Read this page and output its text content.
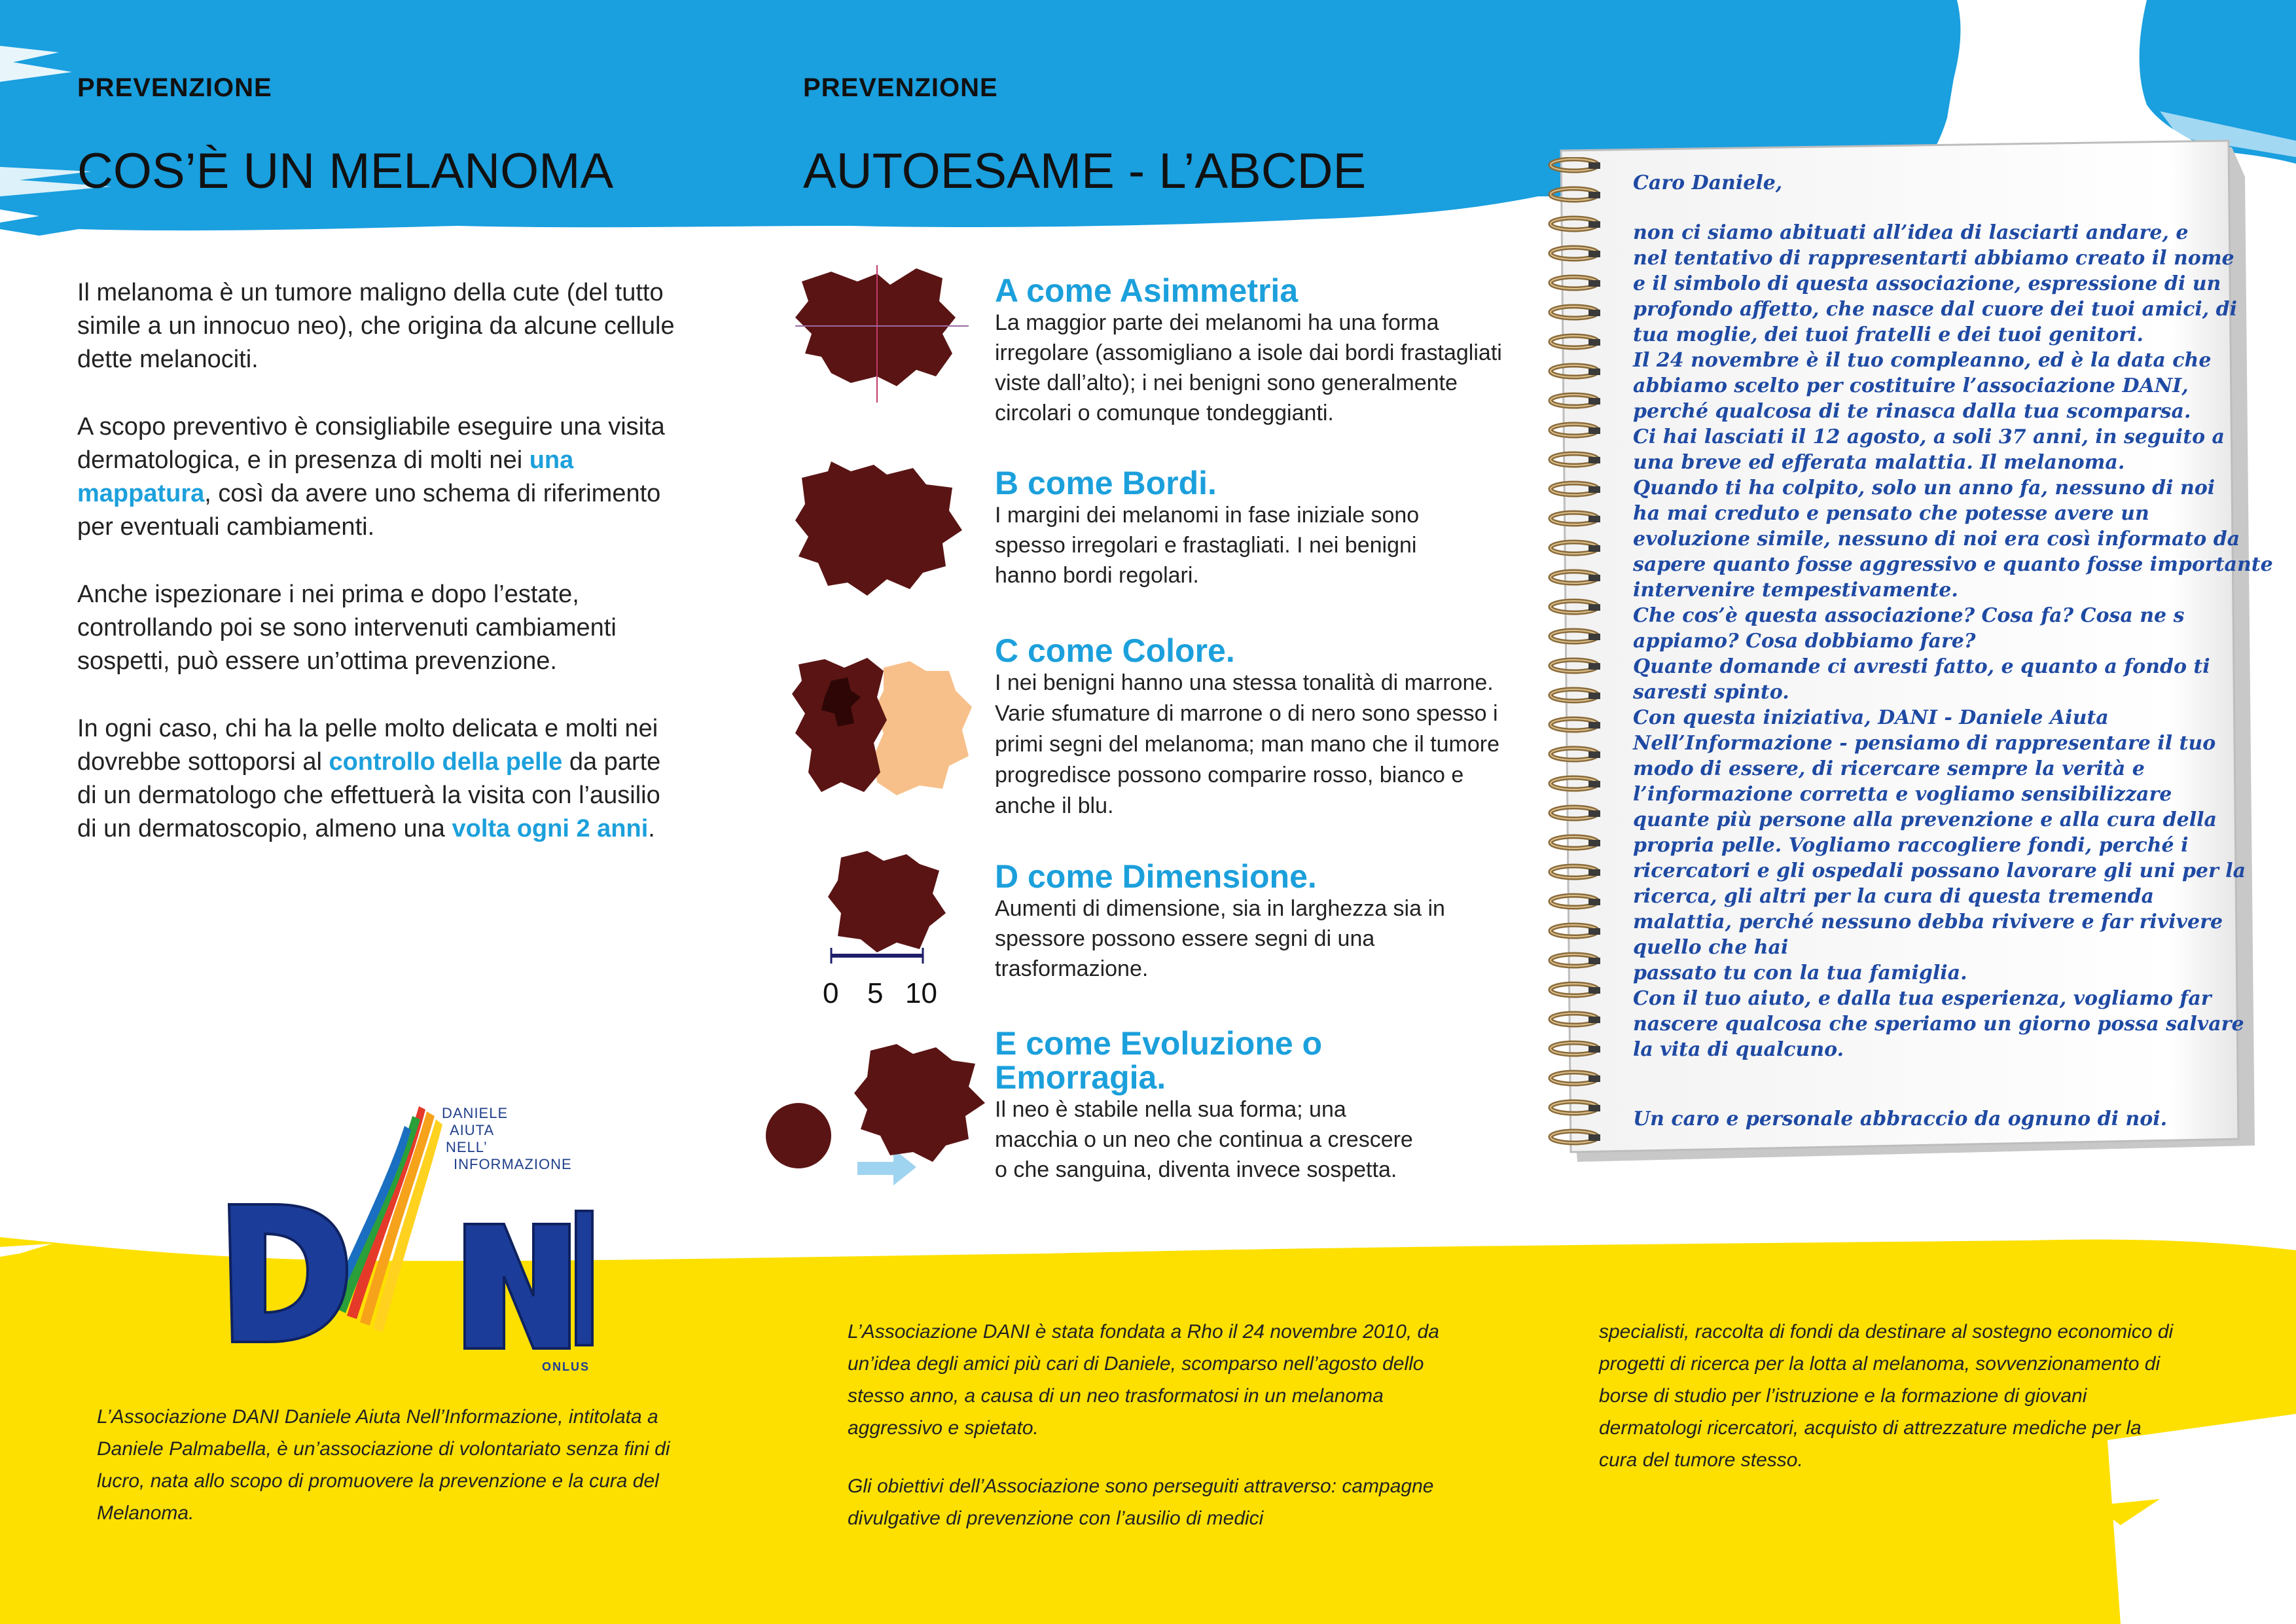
PREVENZIONE
COS’È UN MELANOMA

Il melanoma è un tumore maligno della cute (del tutto simile a un innocuo neo), che origina da alcune cellule dette melanociti.

A scopo preventivo è consigliabile eseguire una visita dermatologica, e in presenza di molti nei una mappatura, così da avere uno schema di riferimento per eventuali cambiamenti.

Anche ispezionare i nei prima e dopo l’estate, controllando poi se sono intervenuti cambiamenti sospetti, può essere un’ottima prevenzione.

In ogni caso, chi ha la pelle molto delicata e molti nei dovrebbe sottoporsi al controllo della pelle da parte di un dermatologo che effettuerà la visita con l’ausilio di un dermatoscopio, almeno una volta ogni 2 anni.

PREVENZIONE
AUTOESAME - L’ABCDE
0 5 10

A come Asimmetria

La maggior parte dei melanomi ha una forma irregolare (assomigliano a isole dai bordi frastagliati viste dall’alto); i nei benigni sono generalmente circolari o comunque tondeggianti.

B come Bordi.

I margini dei melanomi in fase iniziale sono spesso irregolari e frastagliati. I nei benigni hanno bordi regolari.

C come Colore.

I nei benigni hanno una stessa tonalità di marrone. Varie sfumature di marrone o di nero sono spesso i primi segni del melanoma; man mano che il tumore progredisce possono comparire rosso, bianco e anche il blu.

D come Dimensione.

Aumenti di dimensione, sia in larghezza sia in spessore possono essere segni di una trasformazione.

E come Evoluzione o Emorragia.

Il neo è stabile nella sua forma; una macchia o un neo che continua a crescere o che sanguina, diventa invece sospetta.

Caro Daniele,
non ci siamo abituati all’idea di lasciarti andare, e
nel tentativo di rappresentarti abbiamo creato il nome
e il simbolo di questa associazione, espressione di un
profondo affetto, che nasce dal cuore dei tuoi amici, di
tua moglie, dei tuoi fratelli e dei tuoi genitori.
Il 24 novembre è il tuo compleanno, ed è la data che
abbiamo scelto per costituire l’associazione DANI,
perché qualcosa di te rinasca dalla tua scomparsa.
Ci hai lasciati il 12 agosto, a soli 37 anni, in seguito a
una breve ed efferata malattia. Il melanoma.
Quando ti ha colpito, solo un anno fa, nessuno di noi
ha mai creduto e pensato che potesse avere un
evoluzione simile, nessuno di noi era così informato da
sapere quanto fosse aggressivo e quanto fosse importante
intervenire tempestivamente.
Che cos’è questa associazione? Cosa fa? Cosa ne s
appiamo? Cosa dobbiamo fare?
Quante domande ci avresti fatto, e quanto a fondo ti
saresti spinto.
Con questa iniziativa, DANI - Daniele Aiuta
Nell’Informazione - pensiamo di rappresentare il tuo
modo di essere, di ricercare sempre la verità e
l’informazione corretta e vogliamo sensibilizzare
quante più persone alla prevenzione e alla cura della
propria pelle. Vogliamo raccogliere fondi, perché i
ricercatori e gli ospedali possano lavorare gli uni per la
ricerca, gli altri per la cura di questa tremenda
malattia, perché nessuno debba rivivere e far rivivere
quello che hai
passato tu con la tua famiglia.
Con il tuo aiuto, e dalla tua esperienza, vogliamo far
nascere qualcosa che speriamo un giorno possa salvare
la vita di qualcuno.
Un caro e personale abbraccio da ognuno di noi.
DANIELE
AIUTA
NELL’
INFORMAZIONE
ONLUS

L’Associazione DANI Daniele Aiuta Nell’Informazione, intitolata a Daniele Palmabella, è un’associazione di volontariato senza fini di lucro, nata allo scopo di promuovere la prevenzione e la cura del Melanoma.

L’Associazione DANI è stata fondata a Rho il 24 novembre 2010, da un’idea degli amici più cari di Daniele, scomparso nell’agosto dello stesso anno, a causa di un neo trasformatosi in un melanoma aggressivo e spietato.

Gli obiettivi dell’Associazione sono perseguiti attraverso: campagne divulgative di prevenzione con l’ausilio di medici

specialisti, raccolta di fondi da destinare al sostegno economico di progetti di ricerca per la lotta al melanoma, sovvenzionamento di borse di studio per l’istruzione e la formazione di giovani dermatologi ricercatori, acquisto di attrezzature mediche per la cura del tumore stesso.
